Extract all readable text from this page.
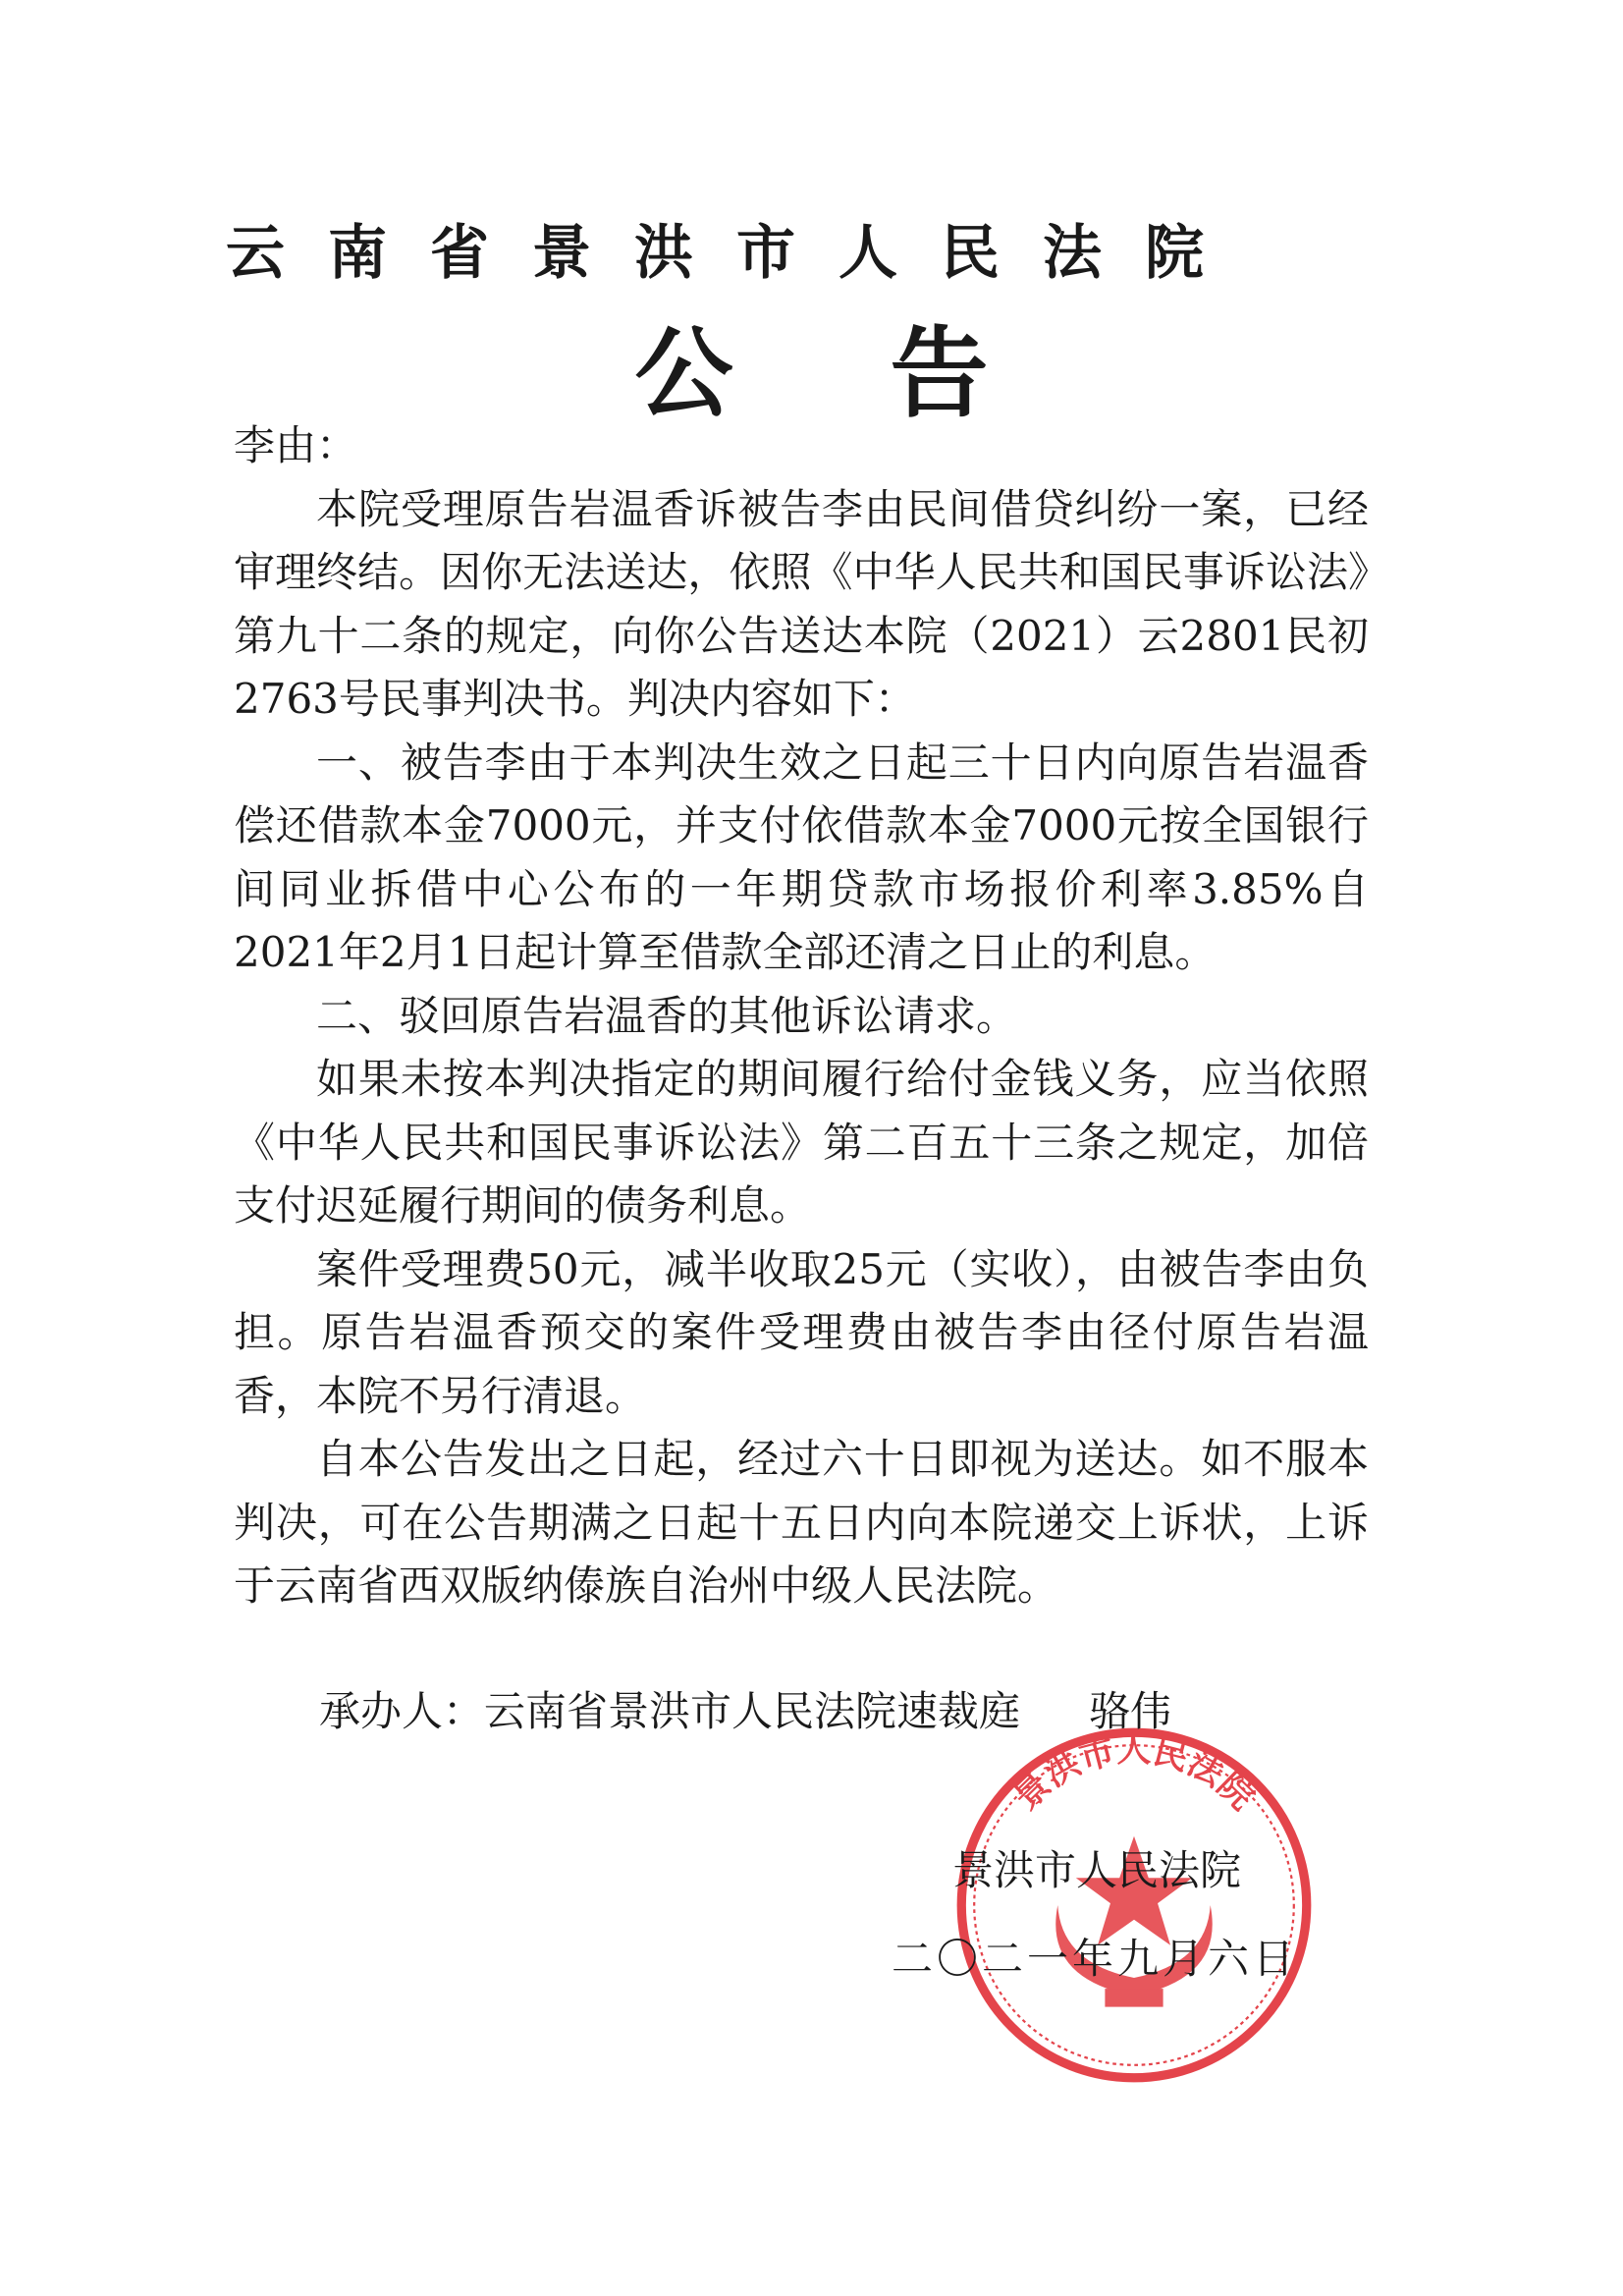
云南省景洪市人民法院
公告

李由：

本院受理原告岩温香诉被告李由民间借贷纠纷一案，已经审理终结。因你无法送达，依照《中华人民共和国民事诉讼法》第九十二条的规定，向你公告送达本院（2021）云2801民初2763号民事判决书。判决内容如下：

一、被告李由于本判决生效之日起三十日内向原告岩温香偿还借款本金7000元，并支付依借款本金7000元按全国银行间同业拆借中心公布的一年期贷款市场报价利率3.85%自2021年2月1日起计算至借款全部还清之日止的利息。

二、驳回原告岩温香的其他诉讼请求。

如果未按本判决指定的期间履行给付金钱义务，应当依照《中华人民共和国民事诉讼法》第二百五十三条之规定，加倍支付迟延履行期间的债务利息。

案件受理费50元，减半收取25元（实收），由被告李由负担。原告岩温香预交的案件受理费由被告李由径付原告岩温香，本院不另行清退。

自本公告发出之日起，经过六十日即视为送达。如不服本判决，可在公告期满之日起十五日内向本院递交上诉状，上诉于云南省西双版纳傣族自治州中级人民法院。

景洪市人民法院
承办人：云南省景洪市人民法院速裁庭 骆伟
景洪市人民法院
二〇二一年九月六日
